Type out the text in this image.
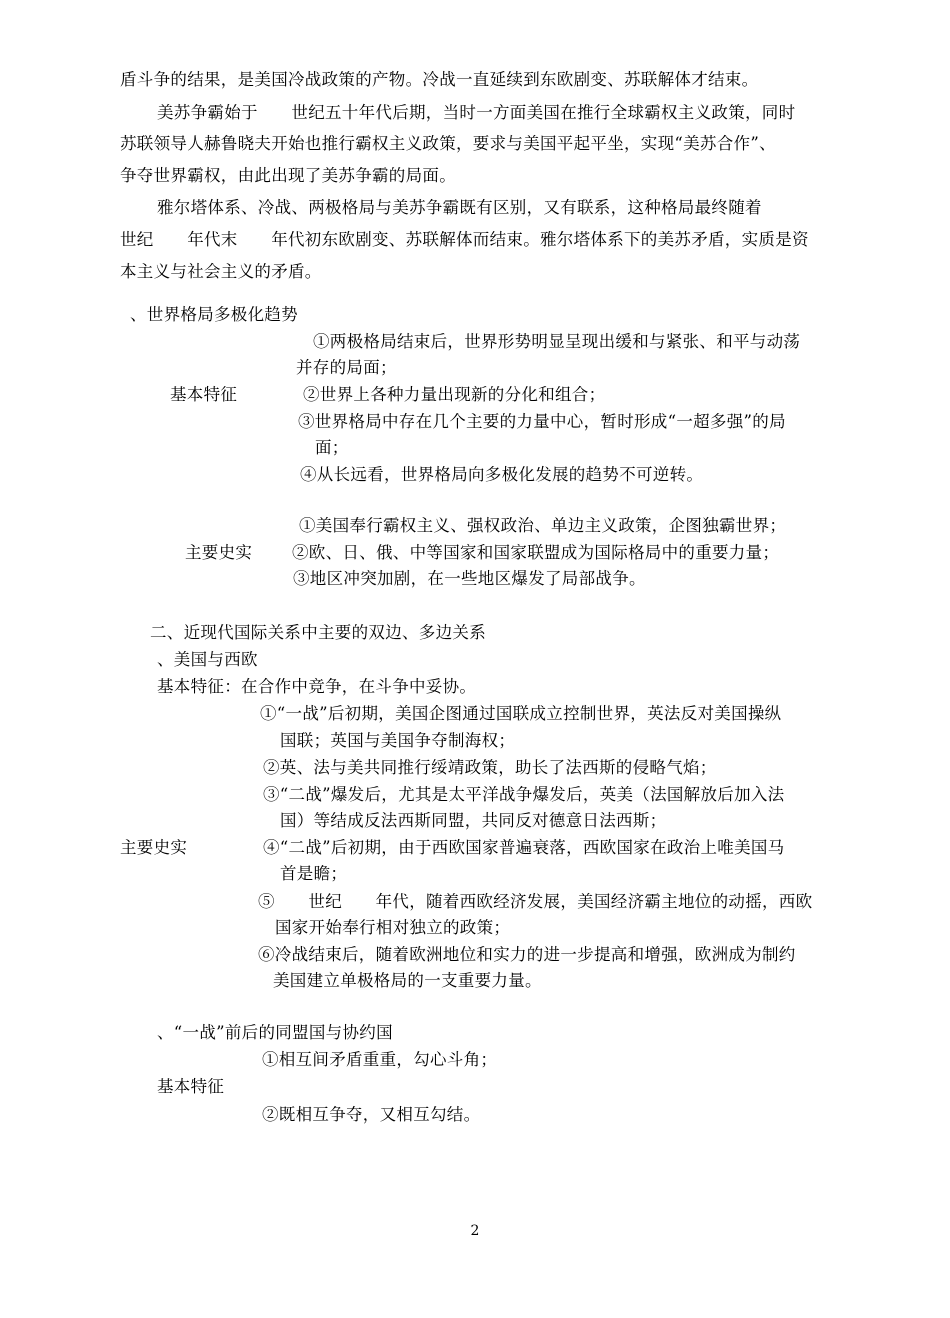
盾斗争的结果，是美国冷战政策的产物。冷战一直延续到东欧剧变、苏联解体才结束。
美苏争霸始于　　世纪五十年代后期，当时一方面美国在推行全球霸权主义政策，同时
苏联领导人赫鲁晓夫开始也推行霸权主义政策，要求与美国平起平坐，实现“美苏合作”、
争夺世界霸权，由此出现了美苏争霸的局面。
雅尔塔体系、冷战、两极格局与美苏争霸既有区别，又有联系，这种格局最终随着
世纪　　年代末　　年代初东欧剧变、苏联解体而结束。雅尔塔体系下的美苏矛盾，实质是资
本主义与社会主义的矛盾。
、世界格局多极化趋势
①两极格局结束后，世界形势明显呈现出缓和与紧张、和平与动荡
并存的局面；
基本特征	②世界上各种力量出现新的分化和组合；
③世界格局中存在几个主要的力量中心，暂时形成“一超多强”的局
面；
④从长远看，世界格局向多极化发展的趋势不可逆转。
①美国奉行霸权主义、强权政治、单边主义政策，企图独霸世界；
主要史实 ②欧、日、俄、中等国家和国家联盟成为国际格局中的重要力量；
③地区冲突加剧，在一些地区爆发了局部战争。
二、近现代国际关系中主要的双边、多边关系
、美国与西欧
基本特征：在合作中竞争，在斗争中妥协。
①“一战”后初期，美国企图通过国联成立控制世界，英法反对美国操纵
国联；英国与美国争夺制海权；
②英、法与美共同推行绥靖政策，助长了法西斯的侵略气焰；
③“二战”爆发后，尤其是太平洋战争爆发后，英美（法国解放后加入法
国）等结成反法西斯同盟，共同反对德意日法西斯；
主要史实	④“二战”后初期，由于西欧国家普遍衰落，西欧国家在政治上唯美国马
首是瞻；
⑤　　世纪　　年代，随着西欧经济发展，美国经济霸主地位的动摇，西欧
国家开始奉行相对独立的政策；
⑥冷战结束后，随着欧洲地位和实力的进一步提高和增强，欧洲成为制约
美国建立单极格局的一支重要力量。
、“一战”前后的同盟国与协约国
①相互间矛盾重重，勾心斗角；
基本特征
②既相互争夺，又相互勾结。
2
